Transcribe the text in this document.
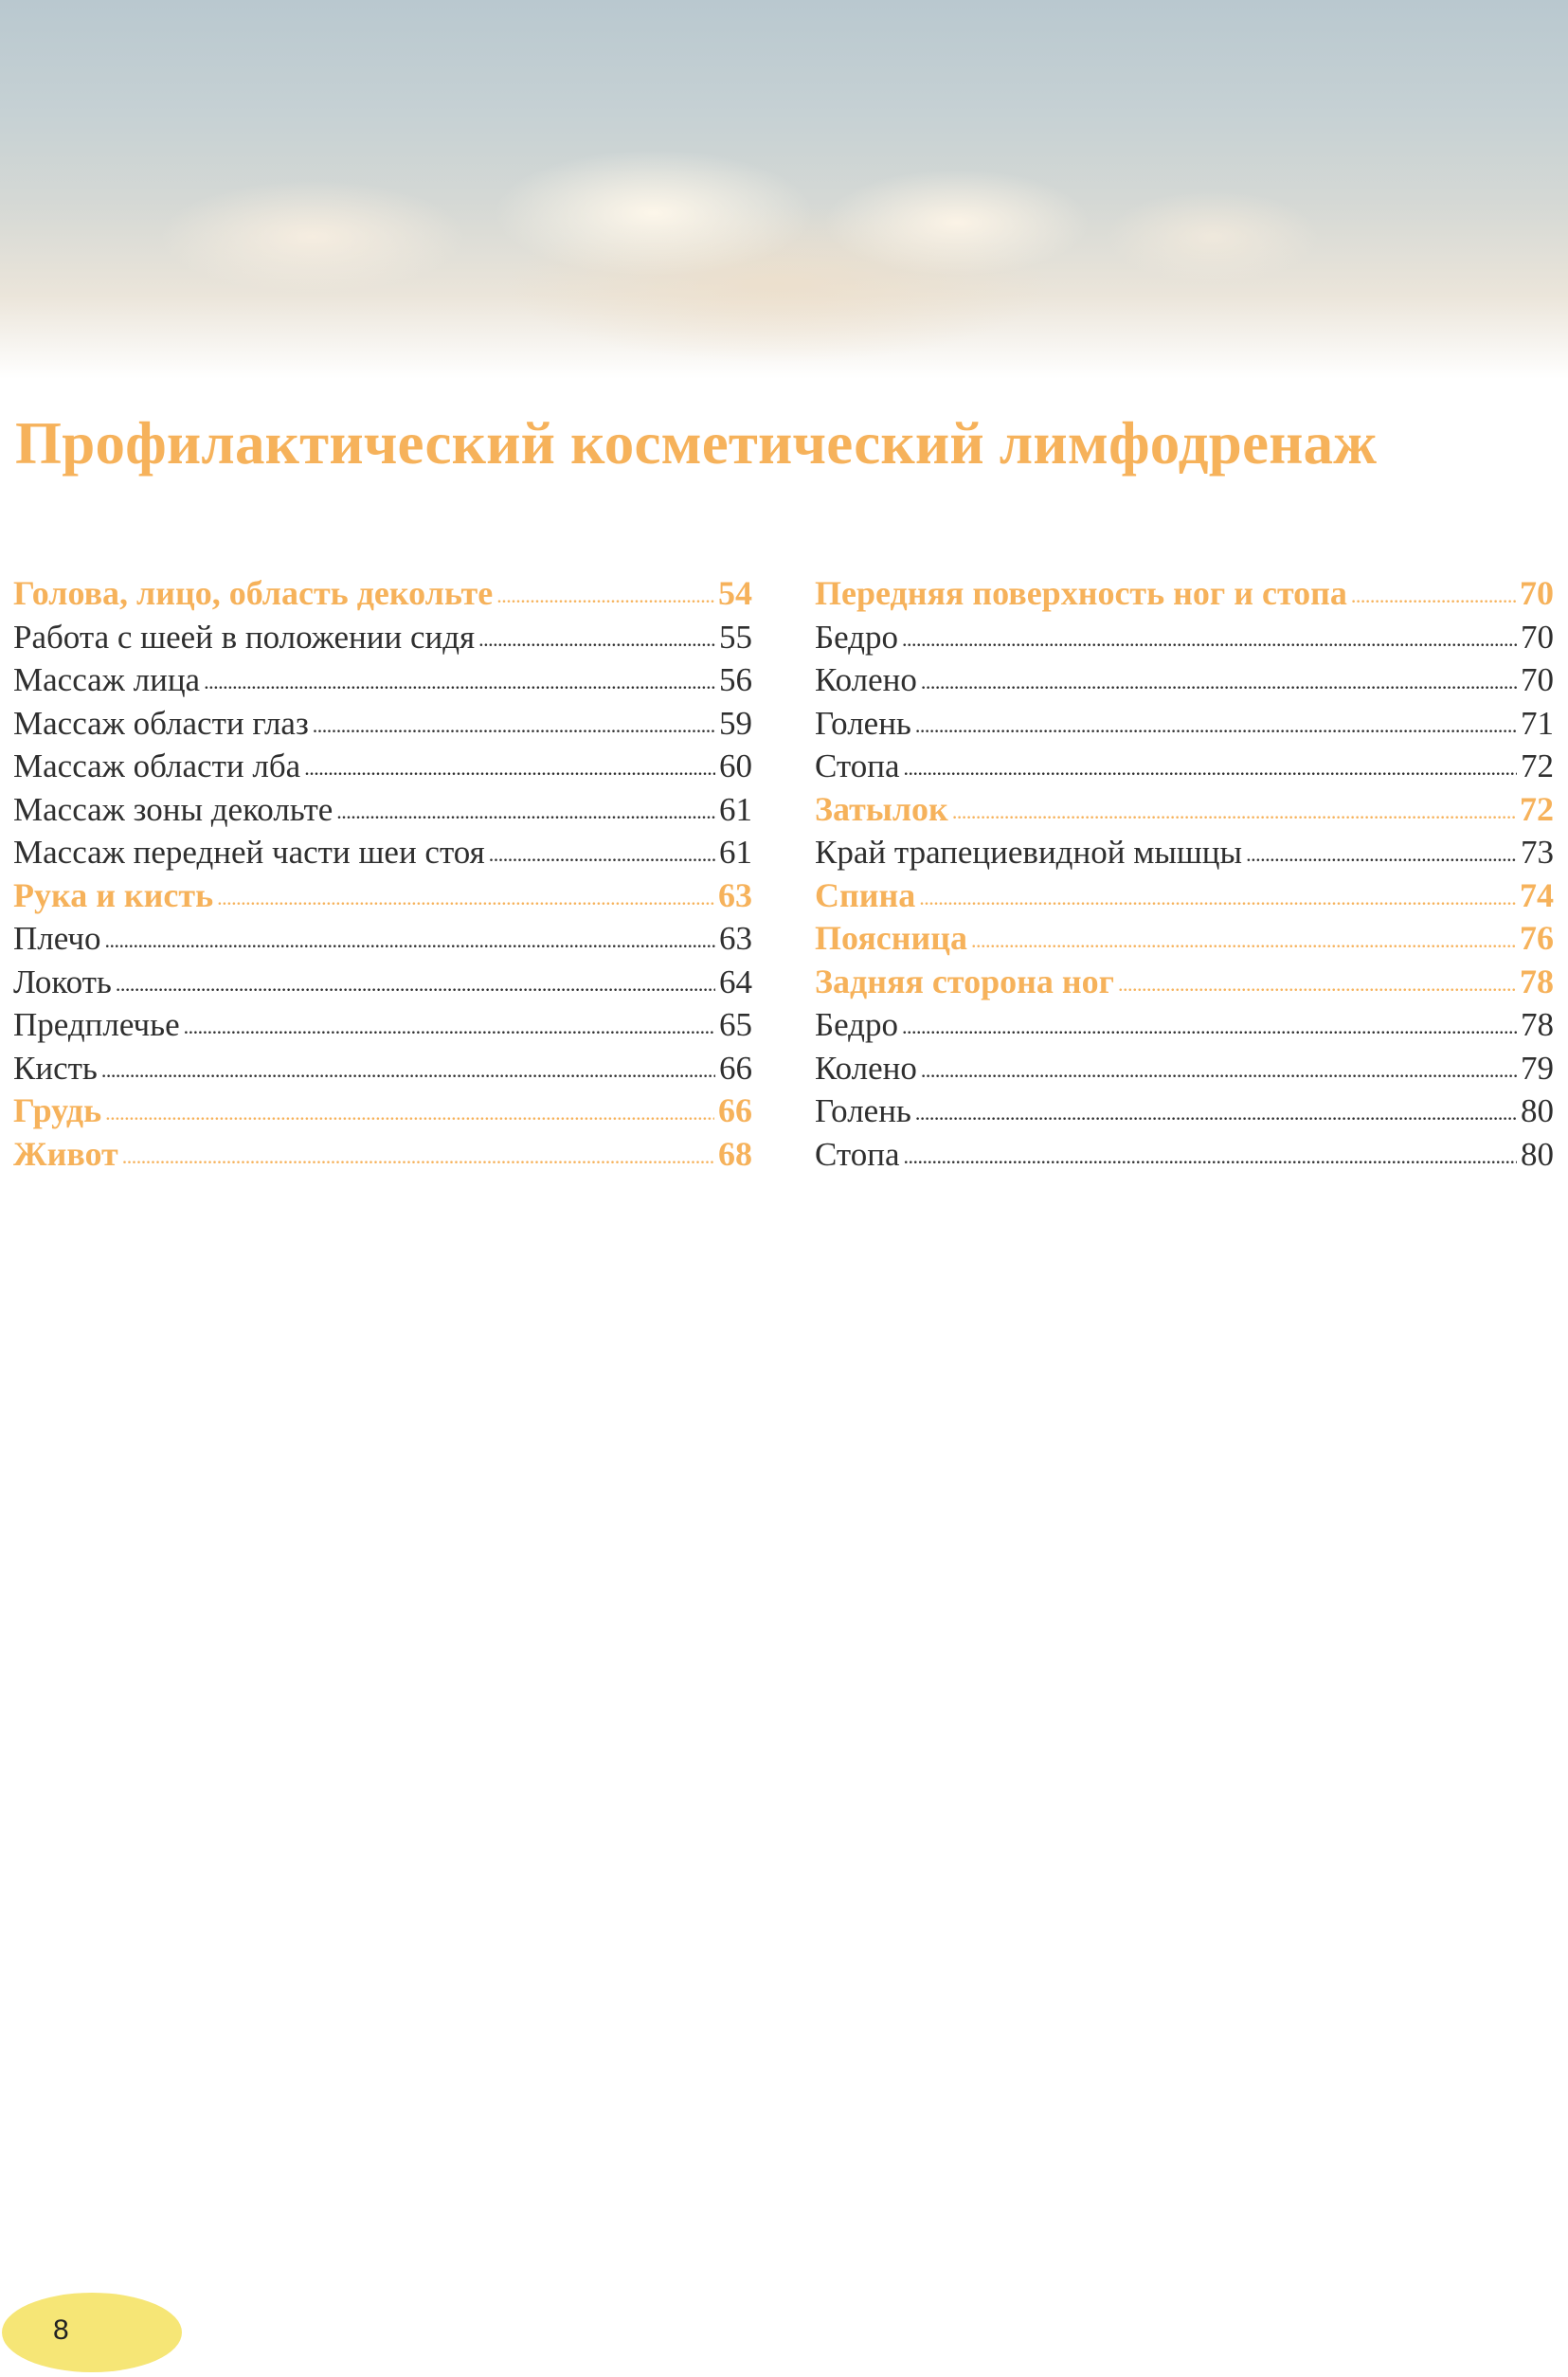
Профилактический косметический лимфодренаж
Голова, лицо, область декольте . . .	54
Работа с шеей в положении сидя . . .	55
Массаж лица . . .	56
Массаж области глаз . . .	59
Массаж области лба . . .	60
Массаж зоны декольте . . .	61
Массаж передней части шеи стоя . . .	61
Рука и кисть . . .	63
Плечо . . .	63
Локоть . . .	64
Предплечье . . .	65
Кисть . . .	66
Грудь . . .	66
Живот . . .	68
Передняя поверхность ног и стопа . . .	70
Бедро . . .	70
Колено . . .	70
Голень . . .	71
Стопа . . .	72
Затылок . . .	72
Край трапециевидной мышцы . . .	73
Спина . . .	74
Поясница . . .	76
Задняя сторона ног . . .	78
Бедро . . .	78
Колено . . .	79
Голень . . .	80
Стопа . . .	80
8
